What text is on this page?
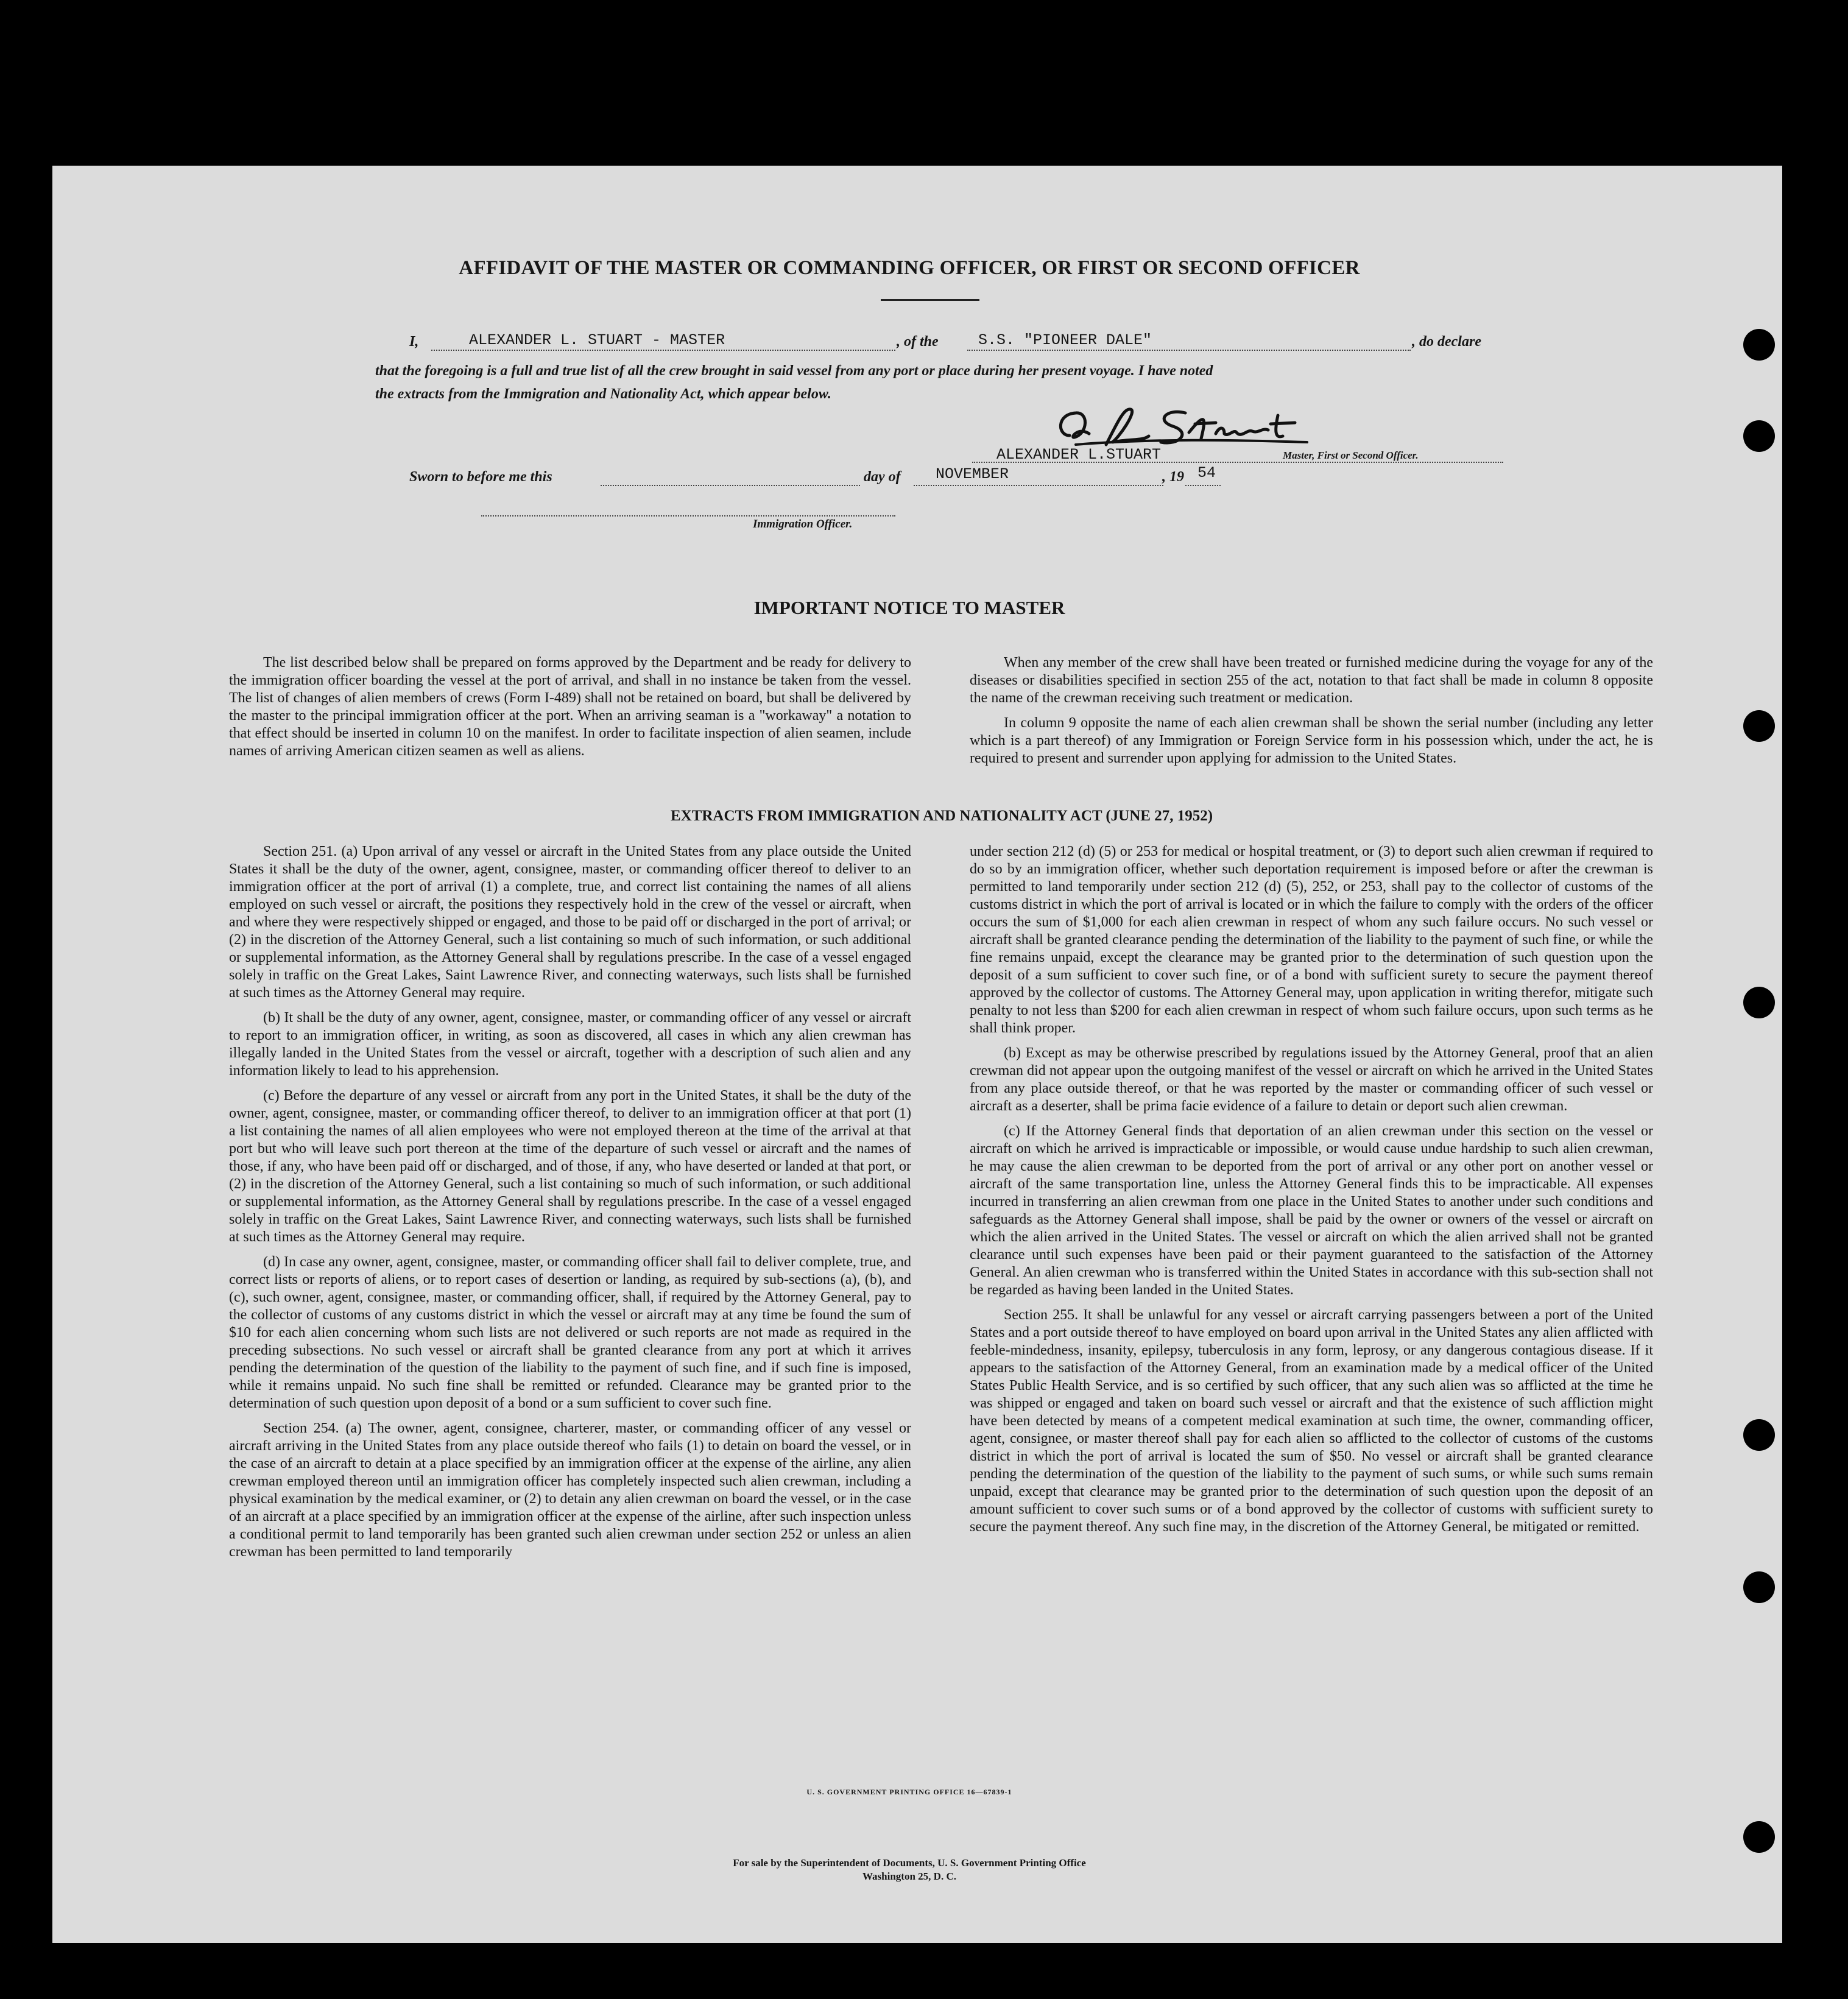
AFFIDAVIT OF THE MASTER OR COMMANDING OFFICER, OR FIRST OR SECOND OFFICER
I,	ALEXANDER L. STUART - MASTER	, of the	S.S. "PIONEER DALE"	, do declare
that the foregoing is a full and true list of all the crew brought in said vessel from any port or place during her present voyage. I have noted
the extracts from the Immigration and Nationality Act, which appear below.
ALEXANDER L.STUART	Master, First or Second Officer.
Sworn to before me this	day of NOVEMBER	, 19 54
Immigration Officer.
IMPORTANT NOTICE TO MASTER

The list described below shall be prepared on forms approved by the Department and be ready for delivery to the immigration officer boarding the vessel at the port of arrival, and shall in no instance be taken from the vessel. The list of changes of alien members of crews (Form I-489) shall not be retained on board, but shall be delivered by the master to the principal immigration officer at the port. When an arriving seaman is a "workaway" a notation to that effect should be inserted in column 10 on the manifest. In order to facilitate inspection of alien seamen, include names of arriving American citizen seamen as well as aliens.

When any member of the crew shall have been treated or furnished medicine during the voyage for any of the diseases or disabilities specified in section 255 of the act, notation to that fact shall be made in column 8 opposite the name of the crewman receiving such treatment or medication.

In column 9 opposite the name of each alien crewman shall be shown the serial number (including any letter which is a part thereof) of any Immigration or Foreign Service form in his possession which, under the act, he is required to present and surrender upon applying for admission to the United States.

EXTRACTS FROM IMMIGRATION AND NATIONALITY ACT (JUNE 27, 1952)

Section 251. (a) Upon arrival of any vessel or aircraft in the United States from any place outside the United States it shall be the duty of the owner, agent, consignee, master, or commanding officer thereof to deliver to an immigration officer at the port of arrival (1) a complete, true, and correct list containing the names of all aliens employed on such vessel or aircraft, the positions they respectively hold in the crew of the vessel or aircraft, when and where they were respectively shipped or engaged, and those to be paid off or discharged in the port of arrival; or (2) in the discretion of the Attorney General, such a list containing so much of such information, or such additional or supplemental information, as the Attorney General shall by regulations prescribe. In the case of a vessel engaged solely in traffic on the Great Lakes, Saint Lawrence River, and connecting waterways, such lists shall be furnished at such times as the Attorney General may require.

(b) It shall be the duty of any owner, agent, consignee, master, or commanding officer of any vessel or aircraft to report to an immigration officer, in writing, as soon as discovered, all cases in which any alien crewman has illegally landed in the United States from the vessel or aircraft, together with a description of such alien and any information likely to lead to his apprehension.

(c) Before the departure of any vessel or aircraft from any port in the United States, it shall be the duty of the owner, agent, consignee, master, or commanding officer thereof, to deliver to an immigration officer at that port (1) a list containing the names of all alien employees who were not employed thereon at the time of the arrival at that port but who will leave such port thereon at the time of the departure of such vessel or aircraft and the names of those, if any, who have been paid off or discharged, and of those, if any, who have deserted or landed at that port, or (2) in the discretion of the Attorney General, such a list containing so much of such information, or such additional or supplemental information, as the Attorney General shall by regulations prescribe. In the case of a vessel engaged solely in traffic on the Great Lakes, Saint Lawrence River, and connecting waterways, such lists shall be furnished at such times as the Attorney General may require.

(d) In case any owner, agent, consignee, master, or commanding officer shall fail to deliver complete, true, and correct lists or reports of aliens, or to report cases of desertion or landing, as required by sub-sections (a), (b), and (c), such owner, agent, consignee, master, or commanding officer, shall, if required by the Attorney General, pay to the collector of customs of any customs district in which the vessel or aircraft may at any time be found the sum of $10 for each alien concerning whom such lists are not delivered or such reports are not made as required in the preceding subsections. No such vessel or aircraft shall be granted clearance from any port at which it arrives pending the determination of the question of the liability to the payment of such fine, and if such fine is imposed, while it remains unpaid. No such fine shall be remitted or refunded. Clearance may be granted prior to the determination of such question upon deposit of a bond or a sum sufficient to cover such fine.

Section 254. (a) The owner, agent, consignee, charterer, master, or commanding officer of any vessel or aircraft arriving in the United States from any place outside thereof who fails (1) to detain on board the vessel, or in the case of an aircraft to detain at a place specified by an immigration officer at the expense of the airline, any alien crewman employed thereon until an immigration officer has completely inspected such alien crewman, including a physical examination by the medical examiner, or (2) to detain any alien crewman on board the vessel, or in the case of an aircraft at a place specified by an immigration officer at the expense of the airline, after such inspection unless a conditional permit to land temporarily has been granted such alien crewman under section 252 or unless an alien crewman has been permitted to land temporarily

under section 212 (d) (5) or 253 for medical or hospital treatment, or (3) to deport such alien crewman if required to do so by an immigration officer, whether such deportation requirement is imposed before or after the crewman is permitted to land temporarily under section 212 (d) (5), 252, or 253, shall pay to the collector of customs of the customs district in which the port of arrival is located or in which the failure to comply with the orders of the officer occurs the sum of $1,000 for each alien crewman in respect of whom any such failure occurs. No such vessel or aircraft shall be granted clearance pending the determination of the liability to the payment of such fine, or while the fine remains unpaid, except the clearance may be granted prior to the determination of such question upon the deposit of a sum sufficient to cover such fine, or of a bond with sufficient surety to secure the payment thereof approved by the collector of customs. The Attorney General may, upon application in writing therefor, mitigate such penalty to not less than $200 for each alien crewman in respect of whom such failure occurs, upon such terms as he shall think proper.

(b) Except as may be otherwise prescribed by regulations issued by the Attorney General, proof that an alien crewman did not appear upon the outgoing manifest of the vessel or aircraft on which he arrived in the United States from any place outside thereof, or that he was reported by the master or commanding officer of such vessel or aircraft as a deserter, shall be prima facie evidence of a failure to detain or deport such alien crewman.

(c) If the Attorney General finds that deportation of an alien crewman under this section on the vessel or aircraft on which he arrived is impracticable or impossible, or would cause undue hardship to such alien crewman, he may cause the alien crewman to be deported from the port of arrival or any other port on another vessel or aircraft of the same transportation line, unless the Attorney General finds this to be impracticable. All expenses incurred in transferring an alien crewman from one place in the United States to another under such conditions and safeguards as the Attorney General shall impose, shall be paid by the owner or owners of the vessel or aircraft on which the alien arrived in the United States. The vessel or aircraft on which the alien arrived shall not be granted clearance until such expenses have been paid or their payment guaranteed to the satisfaction of the Attorney General. An alien crewman who is transferred within the United States in accordance with this sub-section shall not be regarded as having been landed in the United States.

Section 255. It shall be unlawful for any vessel or aircraft carrying passengers between a port of the United States and a port outside thereof to have employed on board upon arrival in the United States any alien afflicted with feeble-mindedness, insanity, epilepsy, tuberculosis in any form, leprosy, or any dangerous contagious disease. If it appears to the satisfaction of the Attorney General, from an examination made by a medical officer of the United States Public Health Service, and is so certified by such officer, that any such alien was so afflicted at the time he was shipped or engaged and taken on board such vessel or aircraft and that the existence of such affliction might have been detected by means of a competent medical examination at such time, the owner, commanding officer, agent, consignee, or master thereof shall pay for each alien so afflicted to the collector of customs of the customs district in which the port of arrival is located the sum of $50. No vessel or aircraft shall be granted clearance pending the determination of the question of the liability to the payment of such sums, or while such sums remain unpaid, except that clearance may be granted prior to the determination of such question upon the deposit of an amount sufficient to cover such sums or of a bond approved by the collector of customs with sufficient surety to secure the payment thereof. Any such fine may, in the discretion of the Attorney General, be mitigated or remitted.

U. S. GOVERNMENT PRINTING OFFICE 16—67839-1
For sale by the Superintendent of Documents, U. S. Government Printing Office
Washington 25, D. C.
